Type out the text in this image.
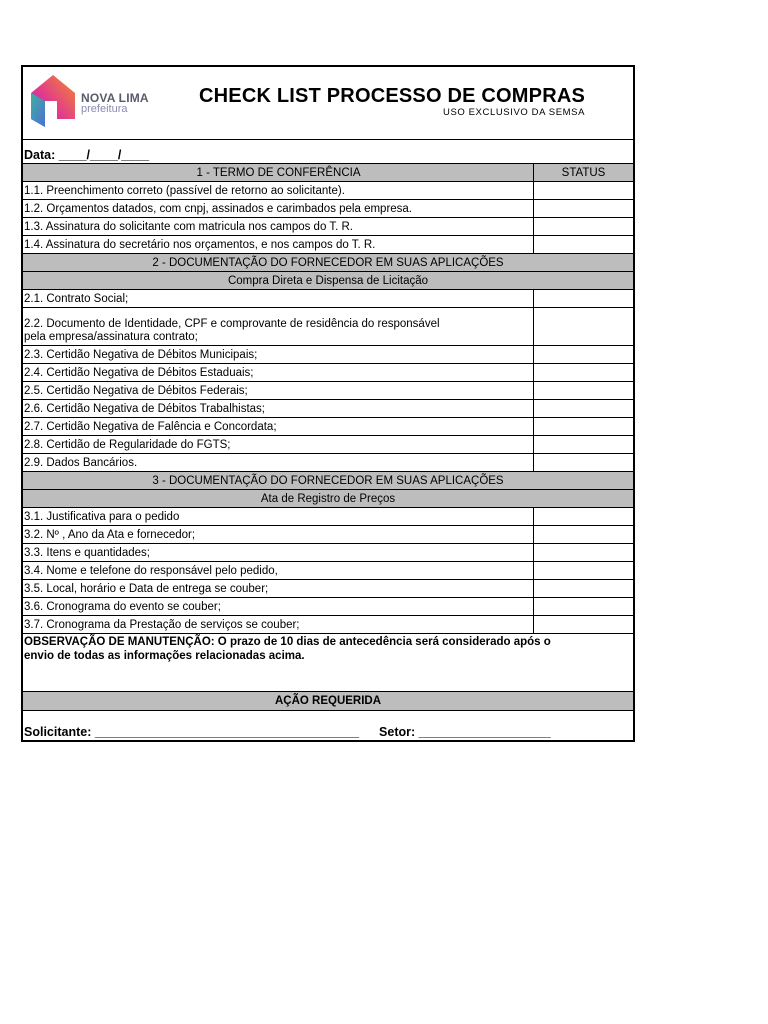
NOVA LIMA
prefeitura
CHECK LIST PROCESSO DE COMPRAS
USO EXCLUSIVO DA SEMSA
Data: ____/____/____
1 - TERMO DE CONFERÊNCIA	STATUS
1.1. Preenchimento correto (passível de retorno ao solicitante).
1.2. Orçamentos datados, com cnpj, assinados e carimbados pela empresa.
1.3. Assinatura do solicitante com matricula nos campos do T. R.
1.4. Assinatura do secretário nos orçamentos, e nos campos do T. R.
2 - DOCUMENTAÇÃO DO FORNECEDOR EM SUAS APLICAÇÕES
Compra Direta e Dispensa de Licitação
2.1. Contrato Social;
2.2. Documento de Identidade, CPF e comprovante de residência do responsável
pela empresa/assinatura contrato;
2.3. Certidão Negativa de Débitos Municipais;
2.4. Certidão Negativa de Débitos Estaduais;
2.5. Certidão Negativa de Débitos Federais;
2.6. Certidão Negativa de Débitos Trabalhistas;
2.7. Certidão Negativa de Falência e Concordata;
2.8. Certidão de Regularidade do FGTS;
2.9. Dados Bancários.
3 - DOCUMENTAÇÃO DO FORNECEDOR EM SUAS APLICAÇÕES
Ata de Registro de Preços
3.1. Justificativa para o pedido
3.2. Nº , Ano da Ata e fornecedor;
3.3. Itens e quantidades;
3.4. Nome e telefone do responsável pelo pedido,
3.5. Local, horário e Data de entrega se couber;
3.6. Cronograma do evento se couber;
3.7. Cronograma da Prestação de serviços se couber;
OBSERVAÇÃO DE MANUTENÇÃO: O prazo de 10 dias de antecedência será considerado após o
envio de todas as informações relacionadas acima.
AÇÃO REQUERIDA
Solicitante: ______________________________________ Setor: ___________________
